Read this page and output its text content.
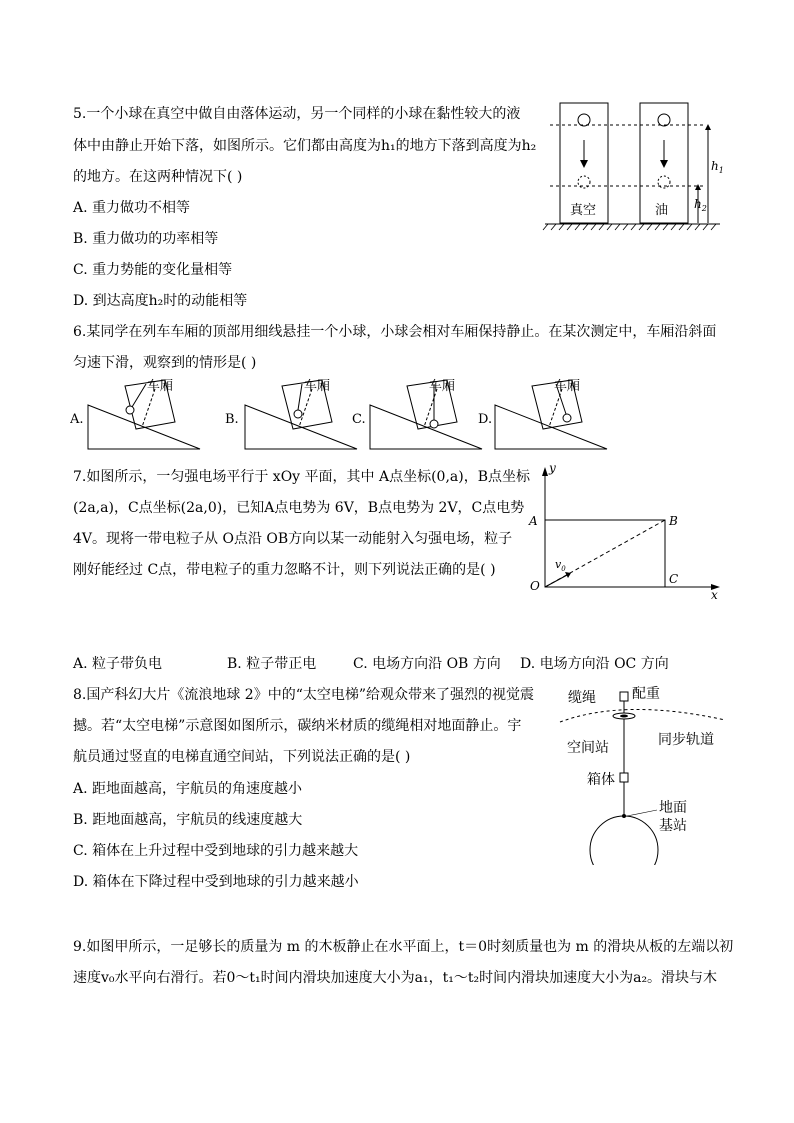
5.一个小球在真空中做自由落体运动，另一个同样的小球在黏性较大的液
体中由静止开始下落，如图所示。它们都由高度为h₁的地方下落到高度为h₂
的地方。在这两种情况下( )
A. 重力做功不相等
B. 重力做功的功率相等
C. 重力势能的变化量相等
D. 到达高度h₂时的动能相等
真空	油
$h_1$
$h_2$
6.某同学在列车车厢的顶部用细线悬挂一个小球，小球会相对车厢保持静止。在某次测定中，车厢沿斜面
匀速下滑，观察到的情形是( )
A.
车厢
B.
车厢
C.
车厢
D.
车厢
7.如图所示，一匀强电场平行于 xOy 平面，其中 A点坐标(0,a)，B点坐标
(2a,a)，C点坐标(2a,0)，已知A点电势为 6V，B点电势为 2V，C点电势
4V。现将一带电粒子从 O点沿 OB方向以某一动能射入匀强电场，粒子
刚好能经过 C点，带电粒子的重力忽略不计，则下列说法正确的是( )
y
x
A	B
C
O
$v_0$
A. 粒子带负电	B. 粒子带正电	C. 电场方向沿 OB 方向 D. 电场方向沿 OC 方向
8.国产科幻大片《流浪地球 2》中的“太空电梯”给观众带来了强烈的视觉震
撼。若“太空电梯”示意图如图所示，碳纳米材质的缆绳相对地面静止。宇
航员通过竖直的电梯直通空间站，下列说法正确的是( )
A. 距地面越高，宇航员的角速度越小
B. 距地面越高，宇航员的线速度越大
C. 箱体在上升过程中受到地球的引力越来越大
D. 箱体在下降过程中受到地球的引力越来越小
缆绳	配重
空间站	同步轨道
箱体
地面
基站
9.如图甲所示，一足够长的质量为 m 的木板静止在水平面上，t＝0时刻质量也为 m 的滑块从板的左端以初
速度v₀水平向右滑行。若0～t₁时间内滑块加速度大小为a₁，t₁～t₂时间内滑块加速度大小为a₂。滑块与木
